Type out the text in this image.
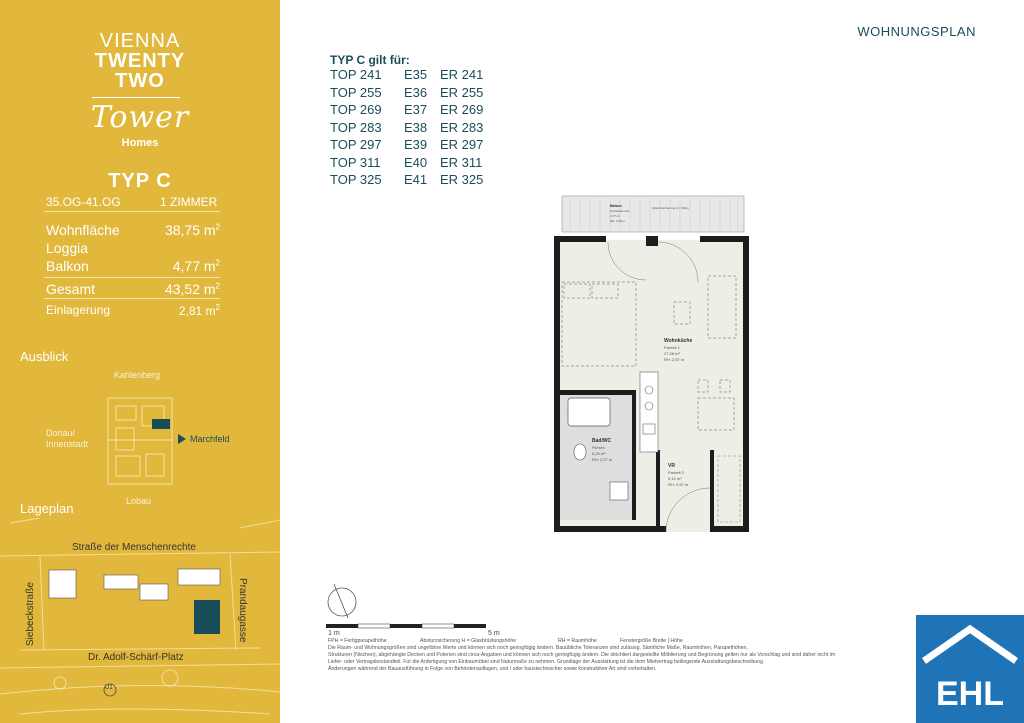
VIENNA
TWENTY
TWO
Tower
Homes
TYP C
35.OG-41.OG	1 ZIMMER
Wohnfläche	38,75 $m^2$
Loggia
Balkon	4,77 $m^2$
Gesamt	43,52 $m^2$
Einlagerung	2,81 $m^2$
Ausblick
Kahlenberg
Donau/
Innenstadt	Marchfeld
Lobau
Lageplan
Straße der Menschenrechte
Siebeckstraße	Prandaugasse
Dr. Adolf-Schärf-Platz
U1
WOHNUNGSPLAN
TYP C gilt für:
TOP 241 E35 ER 241
TOP 255 E36 ER 255
TOP 269 E37 ER 269
TOP 283 E38 ER 283
TOP 297 E39 ER 297
TOP 311 E40 ER 311
TOP 325 E41 ER 325
Balkon
Holzdielenrost
4,77 m²
RH: 2,69 m
Absturzsicherung H = 90cm
Wohnküche
Parkett 1
27,38 m²
RH: 2,57 m
Bad/WC
Fliesen
6,25 m²
RH: 2,27 m
VR
Parkett 2
5,12 m²
RH: 2,57 m
1 m	5 m
FPH = Fertigparapethöhe	Absturzsicherung H = Glasbrüstungshöhe	RH = Raumhöhe	Fenstergröße Breite | Höhe
Die Raum- und Wohnungsgrößen sind ungefähre Werte und können sich noch geringfügig ändern. Bauübliche Toleranzen sind zulässig. Sämtliche Maße, Raumhöhen, Parapethöhen,
Strukturen (Nischen), abgehängte Decken und Poterien sind circa-Angaben und können sich noch geringfügig ändern. Die strichliert dargestellte Möblierung und Begrünung gelten nur als Vorschlag und sind daher nicht im
Liefer- oder Vertragsbestandteil. Für die Anfertigung von Einbaumöbel sind Naturmaße zu nehmen. Grundlage der Ausstattung ist die dem Mietvertrag beiliegende Ausstattungsbeschreibung.
Änderungen während der Bauausführung in Folge von Behördenauflagen, und / oder haustechnischer sowie konstruktiver Art sind vorbehalten.
EHL
